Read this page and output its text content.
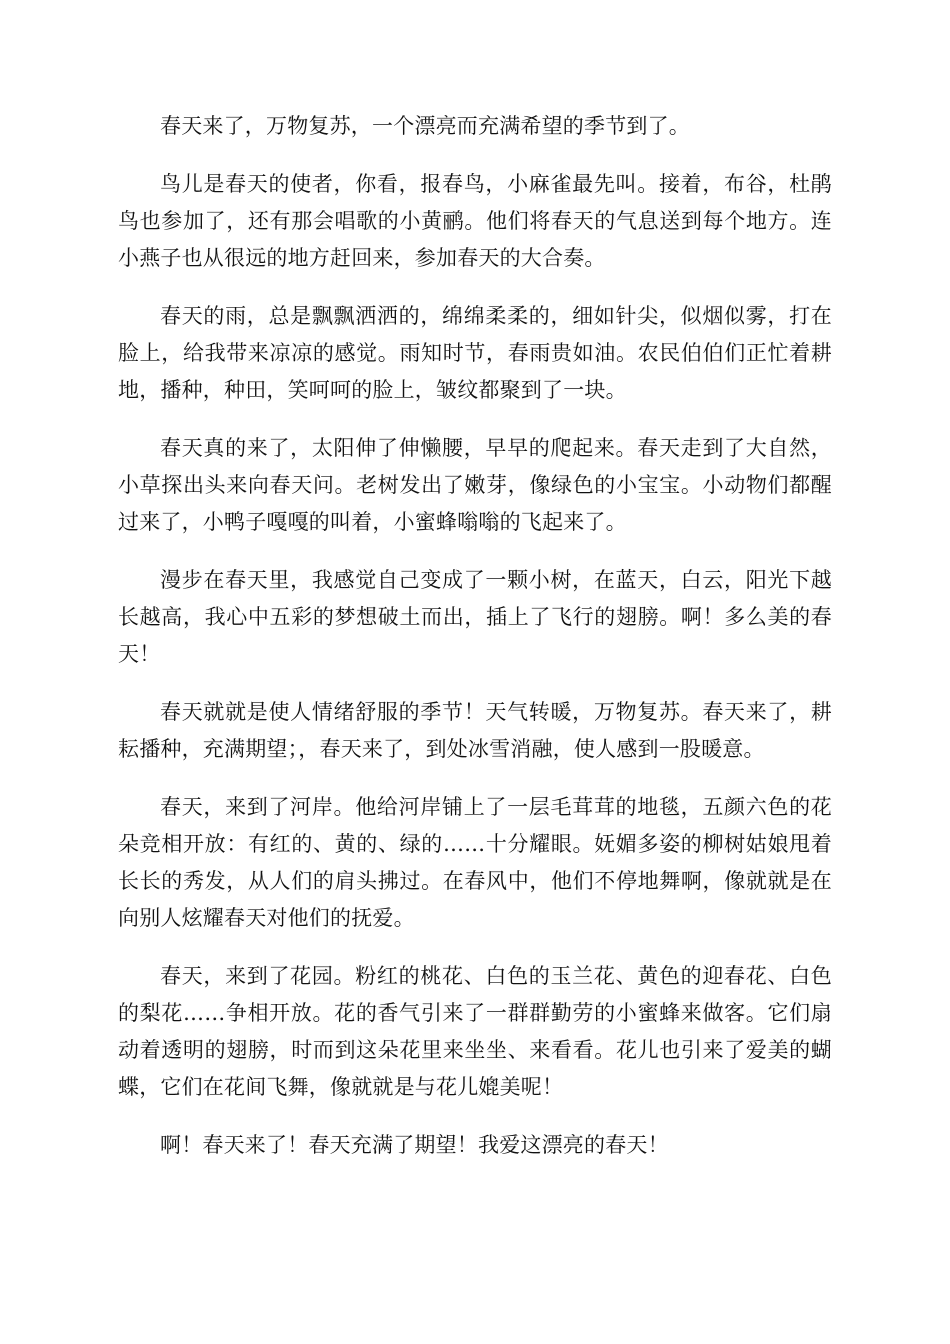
春天来了，万物复苏，一个漂亮而充满希望的季节到了。

鸟儿是春天的使者，你看，报春鸟，小麻雀最先叫。接着，布谷，杜鹃鸟也参加了，还有那会唱歌的小黄鹂。他们将春天的气息送到每个地方。连小燕子也从很远的地方赶回来，参加春天的大合奏。

春天的雨，总是飘飘洒洒的，绵绵柔柔的，细如针尖，似烟似雾，打在脸上，给我带来凉凉的感觉。雨知时节，春雨贵如油。农民伯伯们正忙着耕地，播种，种田，笑呵呵的脸上，皱纹都聚到了一块。

春天真的来了，太阳伸了伸懒腰，早早的爬起来。春天走到了大自然，小草探出头来向春天问。老树发出了嫩芽，像绿色的小宝宝。小动物们都醒过来了，小鸭子嘎嘎的叫着，小蜜蜂嗡嗡的飞起来了。

漫步在春天里，我感觉自己变成了一颗小树，在蓝天，白云，阳光下越长越高，我心中五彩的梦想破土而出，插上了飞行的翅膀。啊！多么美的春天！

春天就就是使人情绪舒服的季节！天气转暖，万物复苏。春天来了，耕耘播种，充满期望；，春天来了，到处冰雪消融，使人感到一股暖意。

春天，来到了河岸。他给河岸铺上了一层毛茸茸的地毯，五颜六色的花朵竞相开放：有红的、黄的、绿的……十分耀眼。妩媚多姿的柳树姑娘甩着长长的秀发，从人们的肩头拂过。在春风中，他们不停地舞啊，像就就是在向别人炫耀春天对他们的抚爱。

春天，来到了花园。粉红的桃花、白色的玉兰花、黄色的迎春花、白色的梨花……争相开放。花的香气引来了一群群勤劳的小蜜蜂来做客。它们扇动着透明的翅膀，时而到这朵花里来坐坐、来看看。花儿也引来了爱美的蝴蝶，它们在花间飞舞，像就就是与花儿媲美呢！

啊！春天来了！春天充满了期望！我爱这漂亮的春天！
